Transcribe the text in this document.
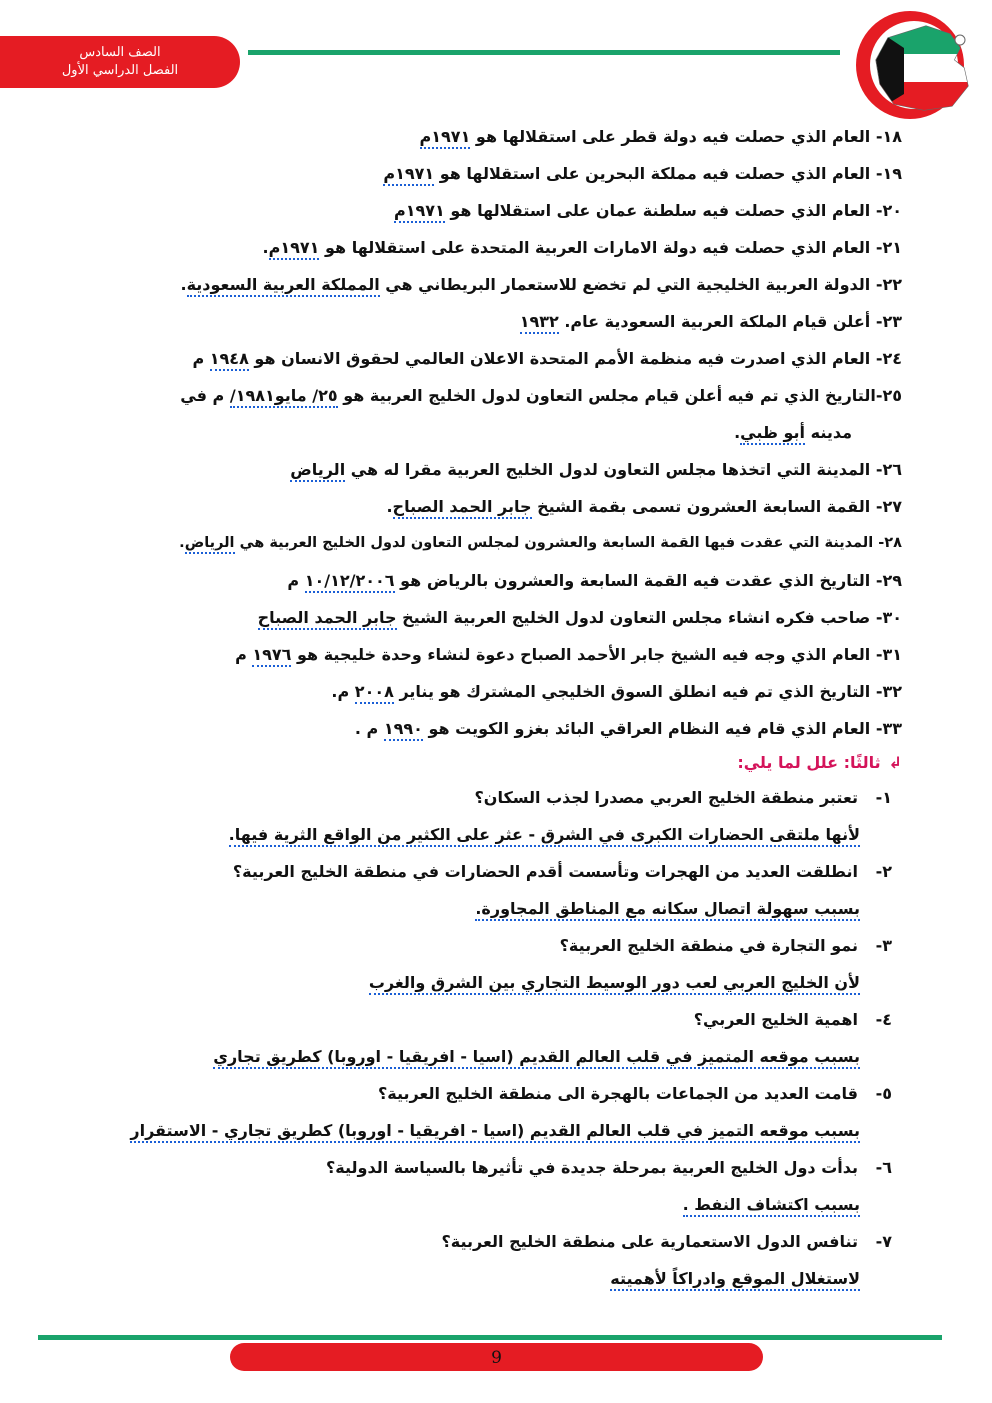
الصف السادس
الفصل الدراسي الأول
١٨- العام الذي حصلت فيه دولة قطر على استقلالها هو ١٩٧١م
١٩- العام الذي حصلت فيه مملكة البحرين على استقلالها هو ١٩٧١م
٢٠- العام الذي حصلت فيه سلطنة عمان على استقلالها هو ١٩٧١م
٢١- العام الذي حصلت فيه دولة الامارات العربية المتحدة على استقلالها هو ١٩٧١م.
٢٢- الدولة العربية الخليجية التي لم تخضع للاستعمار البريطاني هي المملكة العربية السعودية.
٢٣- أعلن قيام الملكة العربية السعودية عام. ١٩٣٢
٢٤- العام الذي اصدرت فيه منظمة الأمم المتحدة الاعلان العالمي لحقوق الانسان هو ١٩٤٨ م
٢٥-التاريخ الذي تم فيه أعلن قيام مجلس التعاون لدول الخليج العربية هو ٢٥/ مايو١٩٨١/ م في
مدينه أبو ظبي.
٢٦- المدينة التي اتخذها مجلس التعاون لدول الخليج العربية مقرا له هي الرياض
٢٧- القمة السابعة العشرون تسمى بقمة الشيخ جابر الحمد الصباح.
٢٨- المدينة التي عقدت فيها القمة السابعة والعشرون لمجلس التعاون لدول الخليج العربية هي الرياض.
٢٩- التاريخ الذي عقدت فيه القمة السابعة والعشرون بالرياض هو ١٠/١٢/٢٠٠٦ م
٣٠- صاحب فكره انشاء مجلس التعاون لدول الخليج العربية الشيخ جابر الحمد الصباح
٣١- العام الذي وجه فيه الشيخ جابر الأحمد الصباح دعوة لنشاء وحدة خليجية هو ١٩٧٦ م
٣٢- التاريخ الذي تم فيه انطلق السوق الخليجي المشترك هو يناير ٢٠٠٨ م.
٣٣- العام الذي قام فيه النظام العراقي البائد بغزو الكويت هو ١٩٩٠ م .
↲ثالثًا: علل لما يلي:
١-تعتبر منطقة الخليج العربي مصدرا لجذب السكان؟
لأنها ملتقى الحضارات الكبرى في الشرق - عثر على الكثير من الواقع الثرية فيها.
٢-انطلقت العديد من الهجرات وتأسست أقدم الحضارات في منطقة الخليج العربية؟
بسبب سهولة اتصال سكانه مع المناطق المجاورة.
٣-نمو التجارة في منطقة الخليج العربية؟
لأن الخليج العربي لعب دور الوسيط التجاري بين الشرق والغرب
٤-اهمية الخليج العربي؟
بسبب موقعه المتميز في قلب العالم القديم (اسيا - افريقيا - اوروبا) كطريق تجاري
٥-قامت العديد من الجماعات بالهجرة الى منطقة الخليج العربية؟
بسبب موقعه التميز في قلب العالم القديم (اسيا - افريقيا - اوروبا) كطريق تجاري - الاستقرار
٦-بدأت دول الخليج العربية بمرحلة جديدة في تأثيرها بالسياسة الدولية؟
بسبب اكتشاف النفط .
٧-تنافس الدول الاستعمارية على منطقة الخليج العربية؟
لاستغلال الموقع وادراكاً لأهميته
9
